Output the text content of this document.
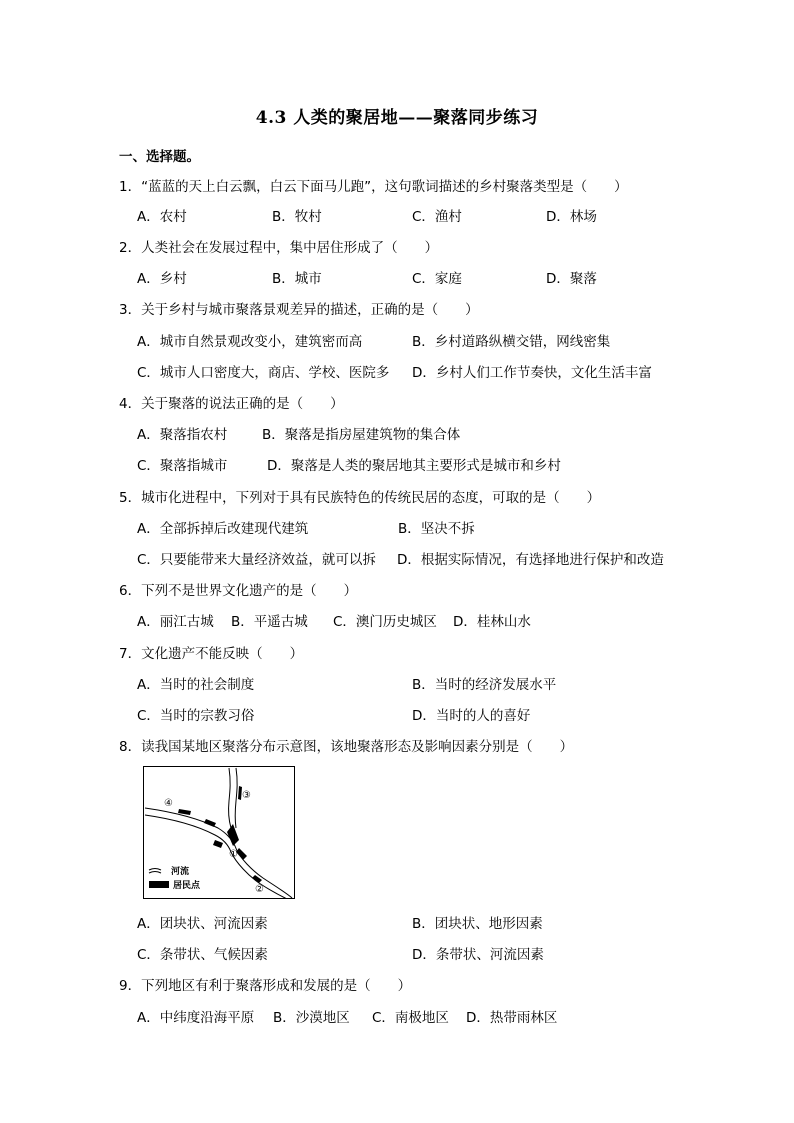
4.3 人类的聚居地——聚落同步练习
一、选择题。
1．“蓝蓝的天上白云飘，白云下面马儿跑”，这句歌词描述的乡村聚落类型是（　　）
A．农村	B．牧村	C．渔村	D．林场
2．人类社会在发展过程中，集中居住形成了（　　）
A．乡村	B．城市	C．家庭	D．聚落
3．关于乡村与城市聚落景观差异的描述，正确的是（　　）
A．城市自然景观改变小，建筑密而高	B．乡村道路纵横交错，网线密集
C．城市人口密度大，商店、学校、医院多 D．乡村人们工作节奏快，文化生活丰富
4．关于聚落的说法正确的是（　　）
A．聚落指农村	B．聚落是指房屋建筑物的集合体
C．聚落指城市	D．聚落是人类的聚居地其主要形式是城市和乡村
5．城市化进程中，下列对于具有民族特色的传统民居的态度，可取的是（　　）
A．全部拆掉后改建现代建筑	B．坚决不拆
C．只要能带来大量经济效益，就可以拆 D．根据实际情况，有选择地进行保护和改造
6．下列不是世界文化遗产的是（　　）
A．丽江古城 B．平遥古城 C．澳门历史城区 D．桂林山水
7．文化遗产不能反映（　　）
A．当时的社会制度	B．当时的经济发展水平
C．当时的宗教习俗	D．当时的人的喜好
8．读我国某地区聚落分布示意图，该地聚落形态及影响因素分别是（　　）
④
③
①
②
河流
居民点
A．团块状、河流因素	B．团块状、地形因素
C．条带状、气候因素	D．条带状、河流因素
9．下列地区有利于聚落形成和发展的是（　　）
A．中纬度沿海平原 B．沙漠地区 C．南极地区 D．热带雨林区
